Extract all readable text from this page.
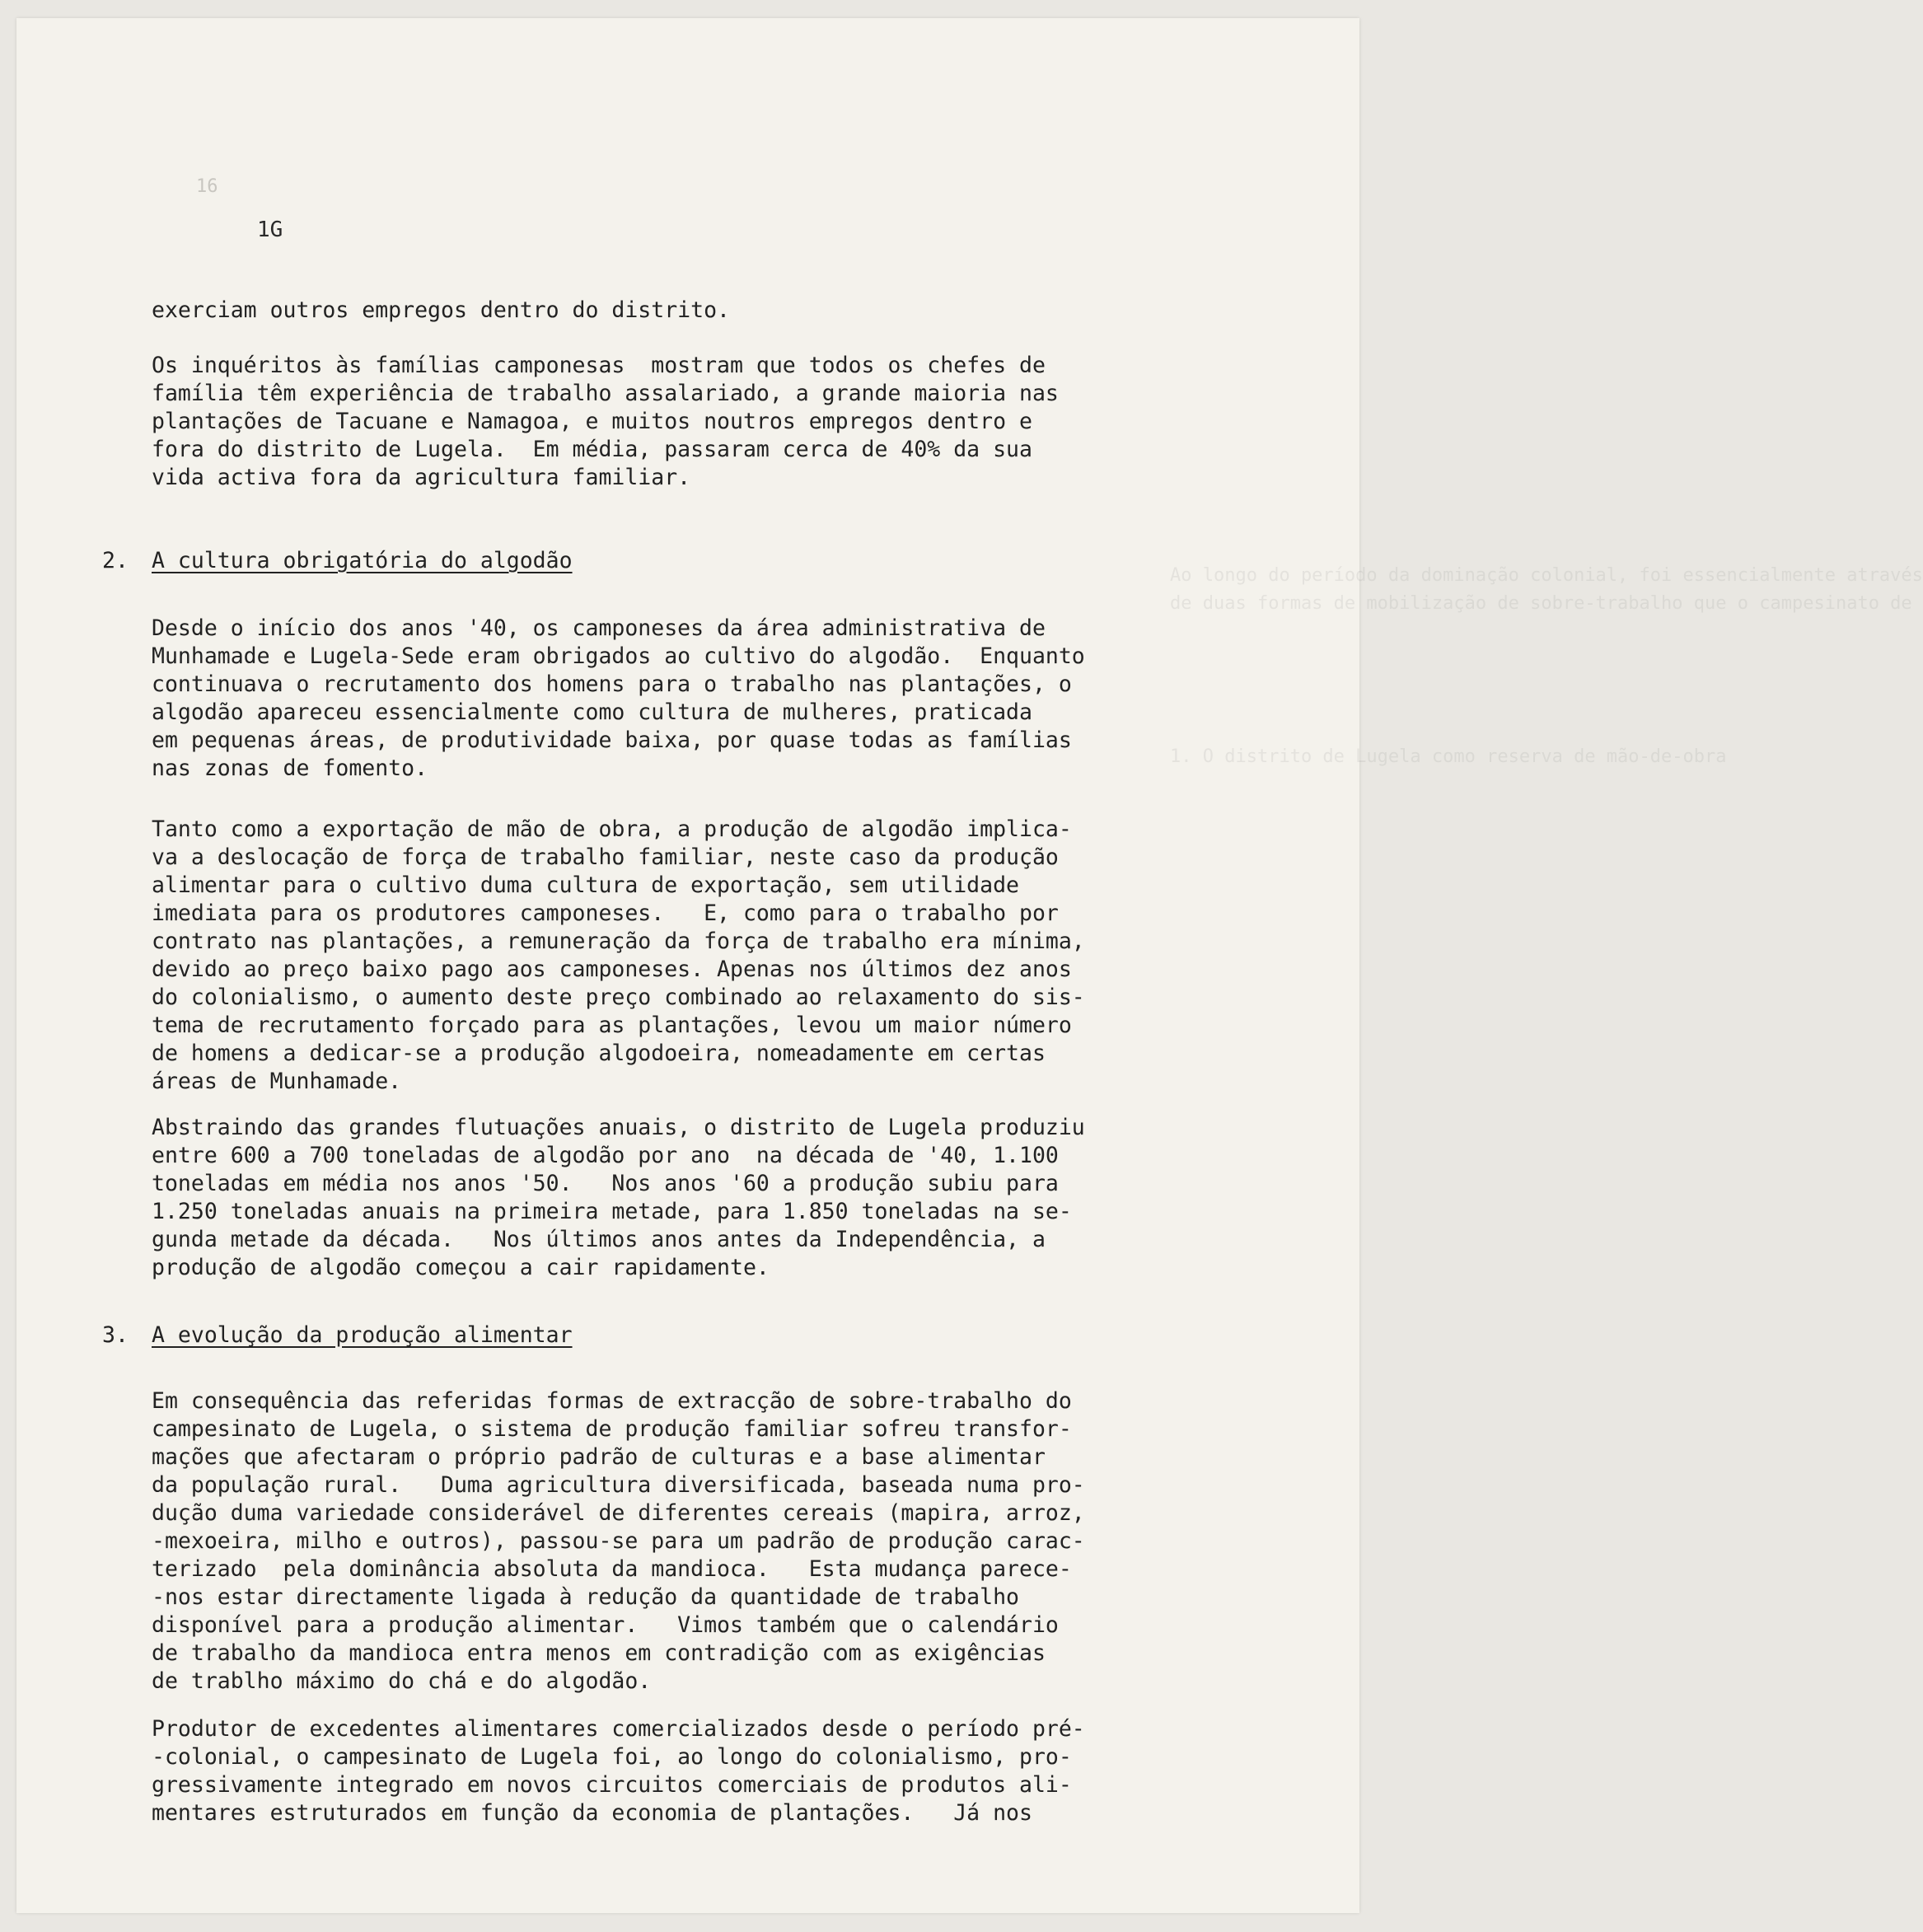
Ao longo do período da dominação colonial, foi essencialmente através
de duas formas de mobilização de sobre-trabalho que o campesinato de
1. O distrito de Lugela como reserva de mão-de-obra
16
1G
exerciam outros empregos dentro do distrito.
Os inquéritos às famílias camponesas  mostram que todos os chefes de
família têm experiência de trabalho assalariado, a grande maioria nas
plantações de Tacuane e Namagoa, e muitos noutros empregos dentro e
fora do distrito de Lugela.  Em média, passaram cerca de 40% da sua
vida activa fora da agricultura familiar.
2. A cultura obrigatória do algodão
Desde o início dos anos '40, os camponeses da área administrativa de
Munhamade e Lugela-Sede eram obrigados ao cultivo do algodão.  Enquanto
continuava o recrutamento dos homens para o trabalho nas plantações, o
algodão apareceu essencialmente como cultura de mulheres, praticada
em pequenas áreas, de produtividade baixa, por quase todas as famílias
nas zonas de fomento.
Tanto como a exportação de mão de obra, a produção de algodão implica-
va a deslocação de força de trabalho familiar, neste caso da produção
alimentar para o cultivo duma cultura de exportação, sem utilidade
imediata para os produtores camponeses.   E, como para o trabalho por
contrato nas plantações, a remuneração da força de trabalho era mínima,
devido ao preço baixo pago aos camponeses. Apenas nos últimos dez anos
do colonialismo, o aumento deste preço combinado ao relaxamento do sis-
tema de recrutamento forçado para as plantações, levou um maior número
de homens a dedicar-se a produção algodoeira, nomeadamente em certas
áreas de Munhamade.
Abstraindo das grandes flutuações anuais, o distrito de Lugela produziu
entre 600 a 700 toneladas de algodão por ano  na década de '40, 1.100
toneladas em média nos anos '50.   Nos anos '60 a produção subiu para
1.250 toneladas anuais na primeira metade, para 1.850 toneladas na se-
gunda metade da década.   Nos últimos anos antes da Independência, a
produção de algodão começou a cair rapidamente.
3. A evolução da produção alimentar
Em consequência das referidas formas de extracção de sobre-trabalho do
campesinato de Lugela, o sistema de produção familiar sofreu transfor-
mações que afectaram o próprio padrão de culturas e a base alimentar
da população rural.   Duma agricultura diversificada, baseada numa pro-
dução duma variedade considerável de diferentes cereais (mapira, arroz,
-mexoeira, milho e outros), passou-se para um padrão de produção carac-
terizado  pela dominância absoluta da mandioca.   Esta mudança parece-
-nos estar directamente ligada à redução da quantidade de trabalho
disponível para a produção alimentar.   Vimos também que o calendário
de trabalho da mandioca entra menos em contradição com as exigências
de trablho máximo do chá e do algodão.
Produtor de excedentes alimentares comercializados desde o período pré-
-colonial, o campesinato de Lugela foi, ao longo do colonialismo, pro-
gressivamente integrado em novos circuitos comerciais de produtos ali-
mentares estruturados em função da economia de plantações.   Já nos
